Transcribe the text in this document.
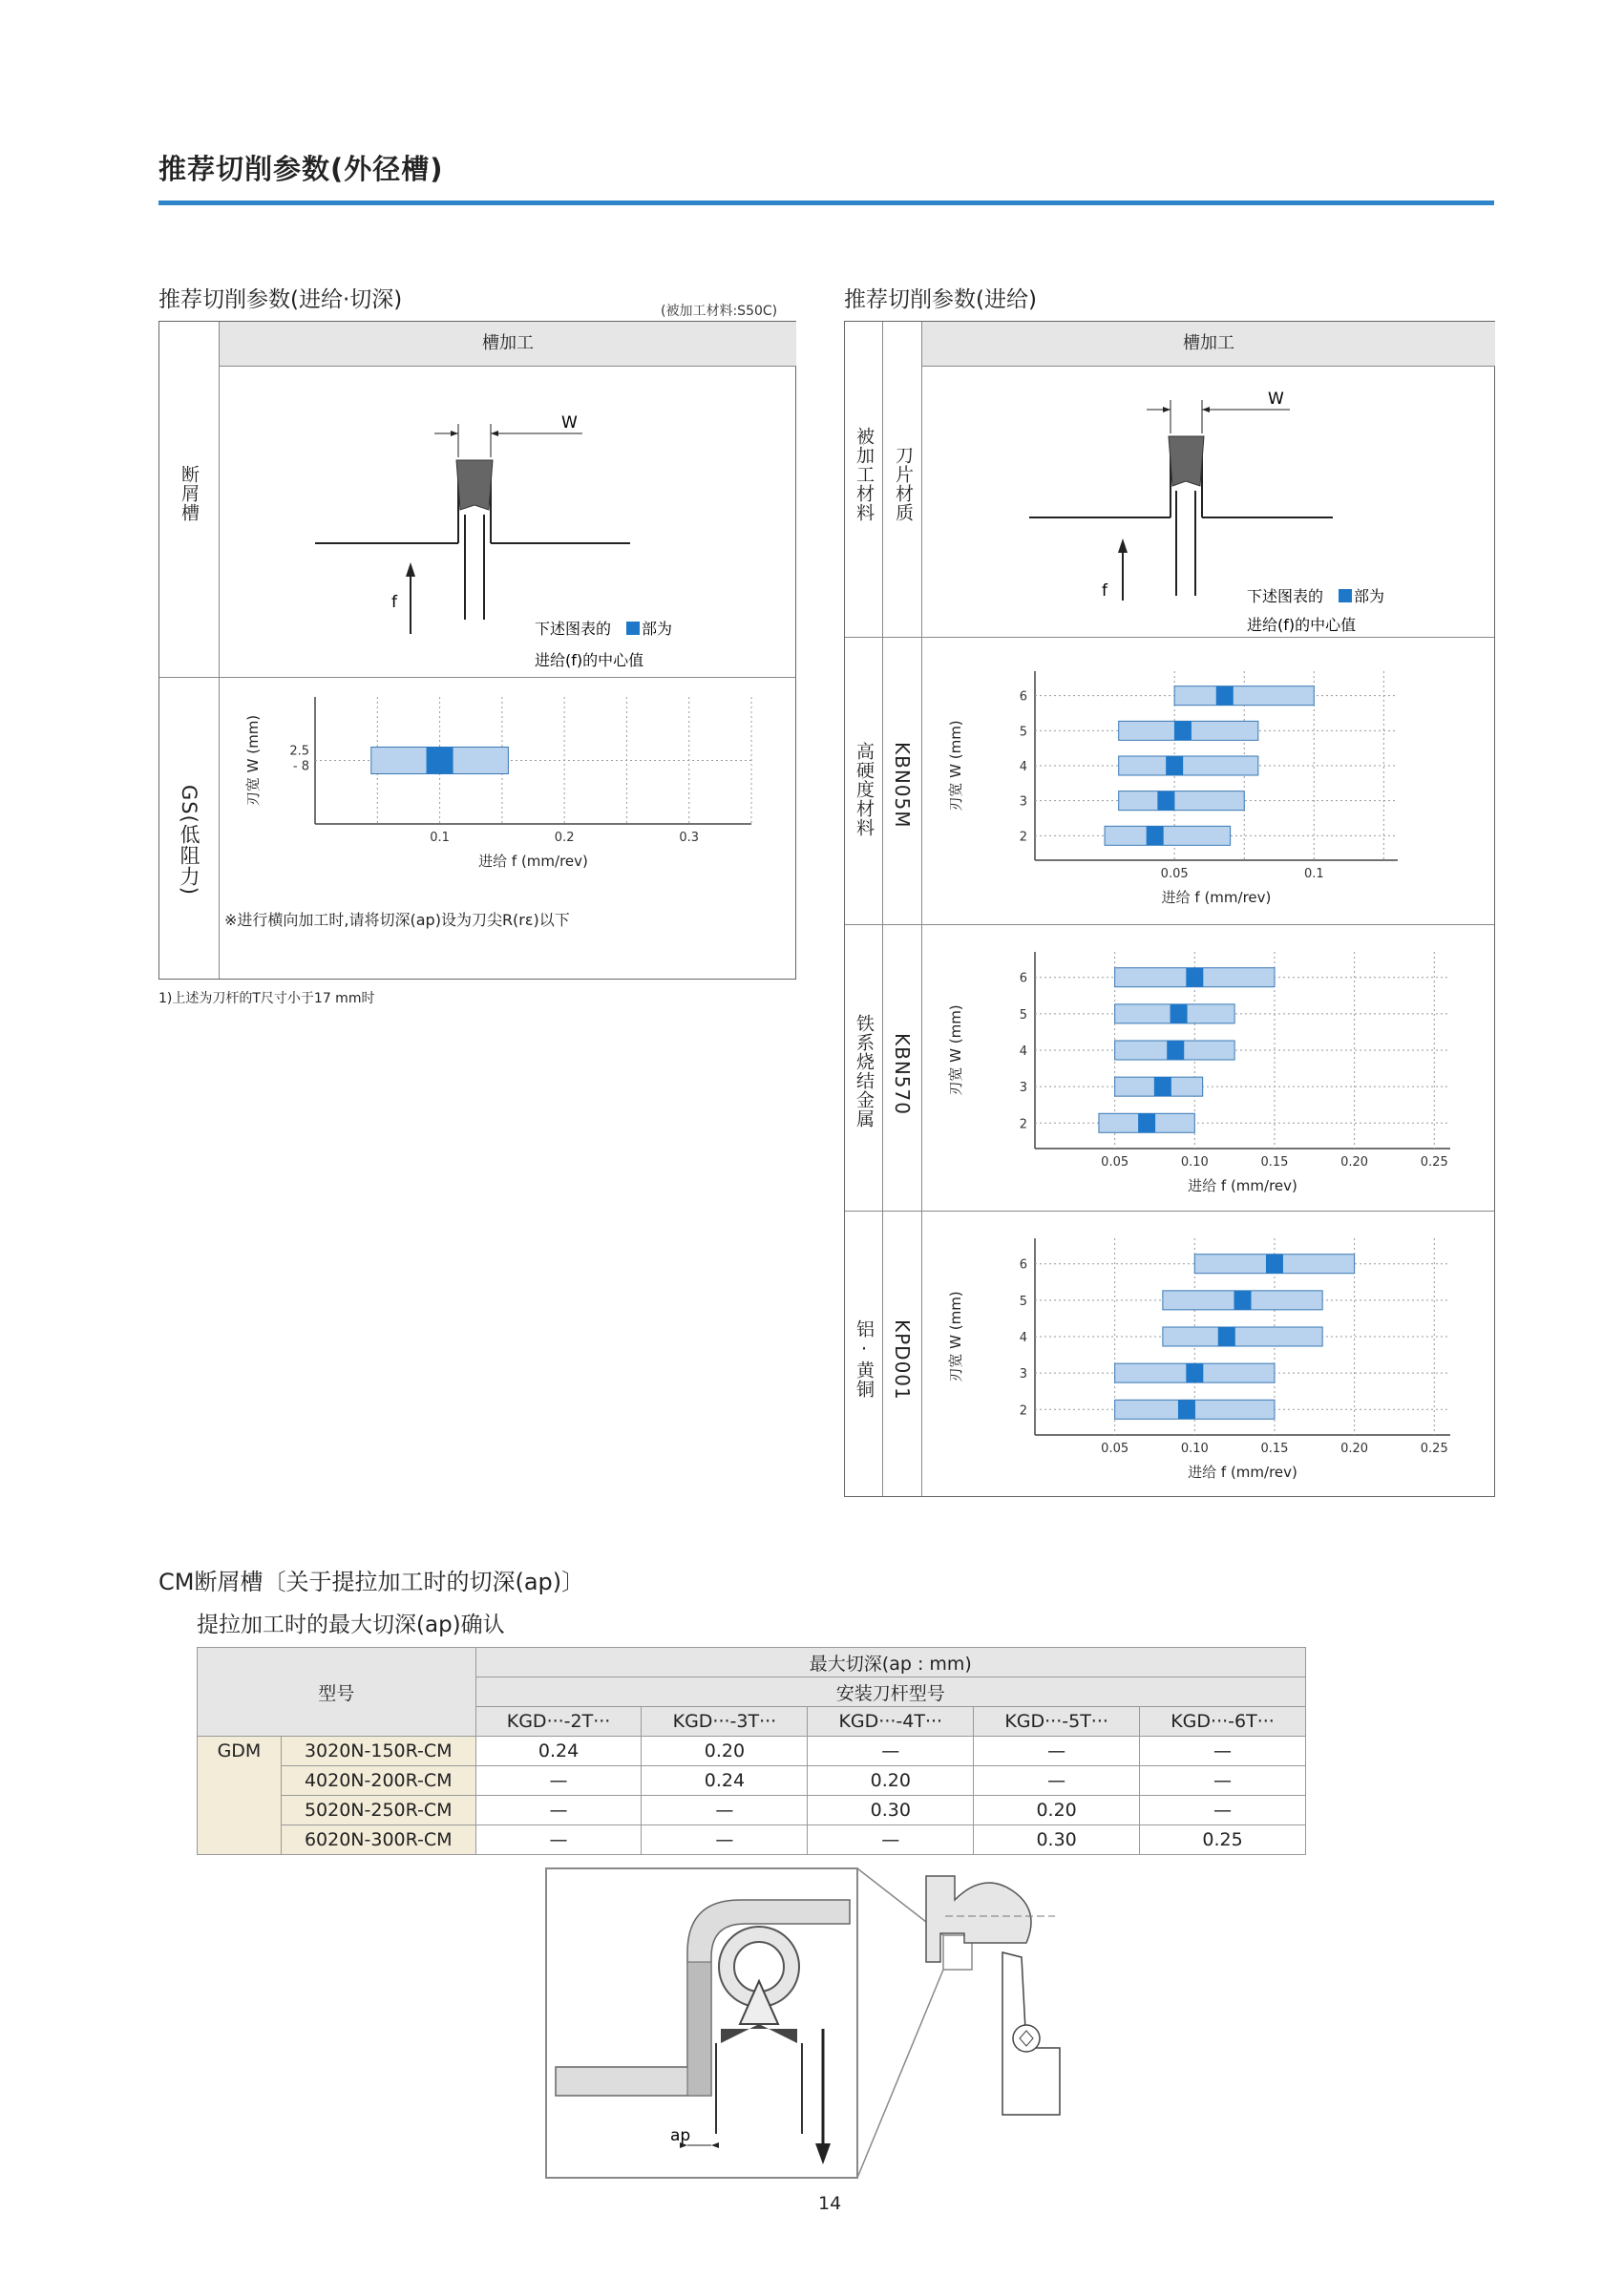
推荐切削参数(外径槽)
推荐切削参数(进给·切深)	(被加工材料:S50C)
槽加工
断屑槽
GS(低阻力)
W
f
下述图表的 部为
进给(f)的中心值
0.1	0.2	0.3
2.5
- 8
进给 f (mm/rev)
刃宽 W (mm)
※进行横向加工时,请将切深(ap)设为刀尖R(rε)以下
1)上述为刀杆的T尺寸小于17 mm时
推荐切削参数(进给)
槽加工
被加工材料 刀片材质
高硬度材料 KBN05M
铁系烧结金属 KBN570
铝·黄铜 KPD001
W
f	下述图表的 部为
进给(f)的中心值
0.05	0.1
6
5
4
3
2
进给 f (mm/rev)
刃宽 W (mm)
0.05	0.10	0.15	0.20	0.25
6
5
4
3
2
进给 f (mm/rev)
刃宽 W (mm)
0.05	0.10	0.15	0.20	0.25
6
5
4
3
2
进给 f (mm/rev)
刃宽 W (mm)
CM断屑槽〔关于提拉加工时的切深(ap)〕
提拉加工时的最大切深(ap)确认
型号		最大切深(ap : mm)				
		安装刀杆型号				
		KGD···-2T···	KGD···-3T···	KGD···-4T···	KGD···-5T···	KGD···-6T···
GDM	3020N-150R-CM	0.24	0.20	—	—	—
	4020N-200R-CM	—	0.24	0.20	—	—
	5020N-250R-CM	—	—	0.30	0.20	—
	6020N-300R-CM	—	—	—	0.30	0.25
ap
14
